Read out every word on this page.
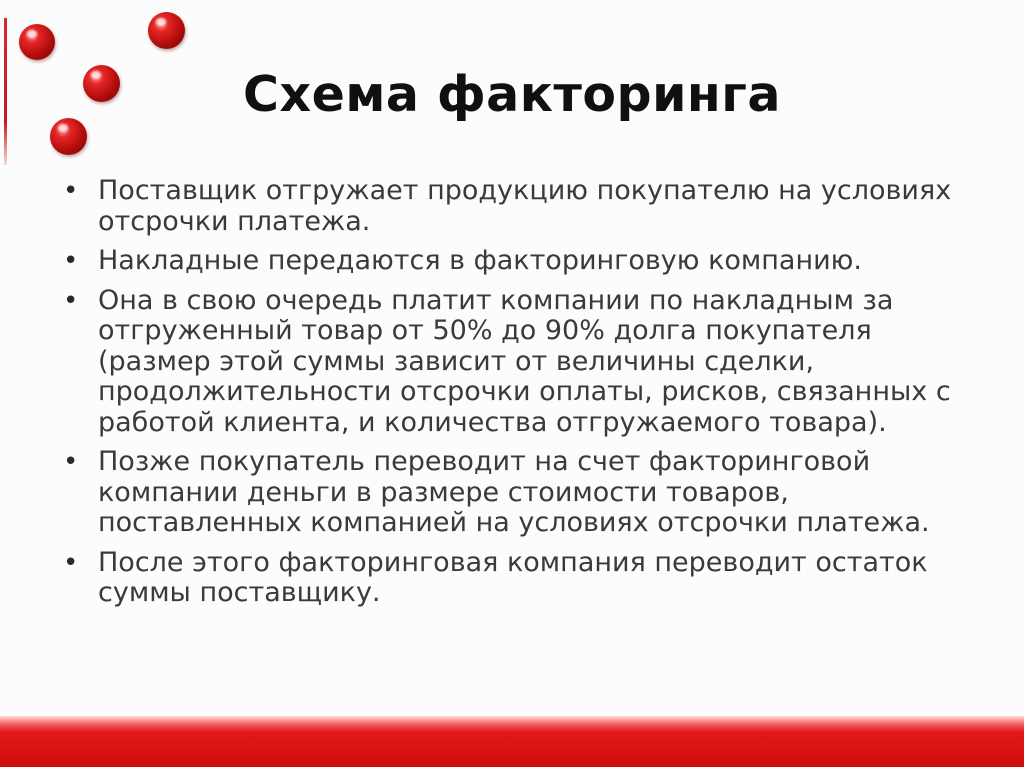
Схема факторинга
• Поставщик отгружает продукцию покупателю на условиях отсрочки платежа.
• Накладные передаются в факторинговую компанию.
• Она в свою очередь платит компании по накладным за отгруженный товар от 50% до 90% долга покупателя (размер этой суммы зависит от величины сделки, продолжительности отсрочки оплаты, рисков, связанных с работой клиента, и количества отгружаемого товара).
• Позже покупатель переводит на счет факторинговой компании деньги в размере стоимости товаров, поставленных компанией на условиях отсрочки платежа.
• После этого факторинговая компания переводит остаток суммы поставщику.
